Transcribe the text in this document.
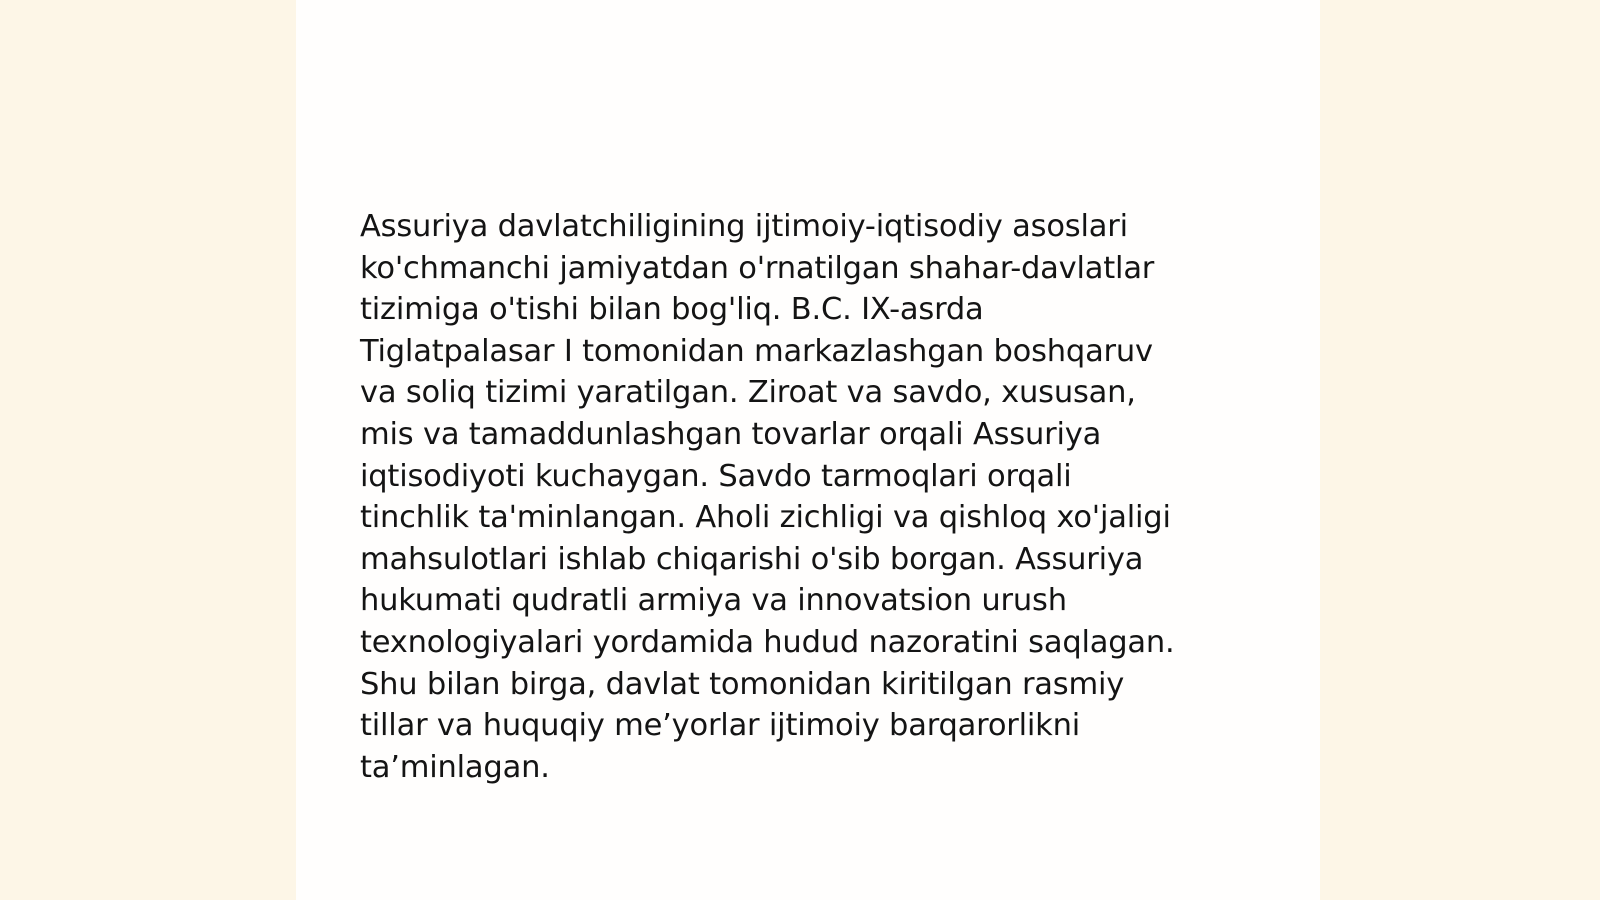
Assuriya davlatchiligining ijtimoiy-iqtisodiy asoslari
ko'chmanchi jamiyatdan o'rnatilgan shahar-davlatlar
tizimiga o'tishi bilan bog'liq. B.C. IX-asrda
Tiglatpalasar I tomonidan markazlashgan boshqaruv
va soliq tizimi yaratilgan. Ziroat va savdo, xususan,
mis va tamaddunlashgan tovarlar orqali Assuriya
iqtisodiyoti kuchaygan. Savdo tarmoqlari orqali
tinchlik ta'minlangan. Aholi zichligi va qishloq xo'jaligi
mahsulotlari ishlab chiqarishi o'sib borgan. Assuriya
hukumati qudratli armiya va innovatsion urush
texnologiyalari yordamida hudud nazoratini saqlagan.
Shu bilan birga, davlat tomonidan kiritilgan rasmiy
tillar va huquqiy me’yorlar ijtimoiy barqarorlikni
ta’minlagan.
